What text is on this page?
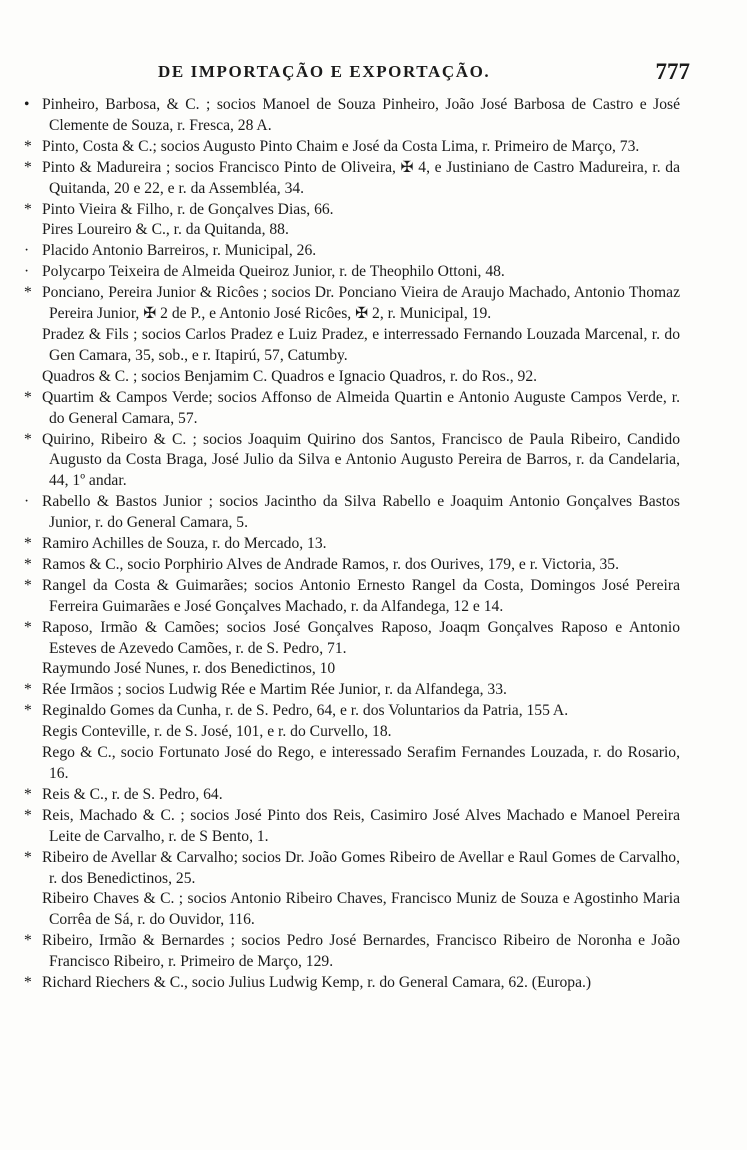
DE IMPORTAÇÃO E EXPORTAÇÃO.	777
• Pinheiro, Barbosa, & C. ; socios Manoel de Souza Pinheiro, João José Barbosa de Castro e José Clemente de Souza, r. Fresca, 28 A.
* Pinto, Costa & C.; socios Augusto Pinto Chaim e José da Costa Lima, r. Primeiro de Março, 73.
* Pinto & Madureira ; socios Francisco Pinto de Oliveira, ✠ 4, e Justiniano de Castro Madureira, r. da Quitanda, 20 e 22, e r. da Assembléa, 34.
* Pinto Vieira & Filho, r. de Gonçalves Dias, 66.
Pires Loureiro & C., r. da Quitanda, 88.
· Placido Antonio Barreiros, r. Municipal, 26.
· Polycarpo Teixeira de Almeida Queiroz Junior, r. de Theophilo Ottoni, 48.
* Ponciano, Pereira Junior & Ricôes ; socios Dr. Ponciano Vieira de Araujo Machado, Antonio Thomaz Pereira Junior, ✠ 2 de P., e Antonio José Ricôes, ✠ 2, r. Municipal, 19.
Pradez & Fils ; socios Carlos Pradez e Luiz Pradez, e interressado Fernando Louzada Marcenal, r. do Gen Camara, 35, sob., e r. Itapirú, 57, Catumby.
Quadros & C. ; socios Benjamim C. Quadros e Ignacio Quadros, r. do Ros., 92.
* Quartim & Campos Verde; socios Affonso de Almeida Quartin e Antonio Auguste Campos Verde, r. do General Camara, 57.
* Quirino, Ribeiro & C. ; socios Joaquim Quirino dos Santos, Francisco de Paula Ribeiro, Candido Augusto da Costa Braga, José Julio da Silva e Antonio Augusto Pereira de Barros, r. da Candelaria, 44, 1º andar.
· Rabello & Bastos Junior ; socios Jacintho da Silva Rabello e Joaquim Antonio Gonçalves Bastos Junior, r. do General Camara, 5.
* Ramiro Achilles de Souza, r. do Mercado, 13.
* Ramos & C., socio Porphirio Alves de Andrade Ramos, r. dos Ourives, 179, e r. Victoria, 35.
* Rangel da Costa & Guimarães; socios Antonio Ernesto Rangel da Costa, Domingos José Pereira Ferreira Guimarães e José Gonçalves Machado, r. da Alfandega, 12 e 14.
* Raposo, Irmão & Camões; socios José Gonçalves Raposo, Joaqm Gonçalves Raposo e Antonio Esteves de Azevedo Camões, r. de S. Pedro, 71.
Raymundo José Nunes, r. dos Benedictinos, 10
* Rée Irmãos ; socios Ludwig Rée e Martim Rée Junior, r. da Alfandega, 33.
* Reginaldo Gomes da Cunha, r. de S. Pedro, 64, e r. dos Voluntarios da Patria, 155 A.
Regis Conteville, r. de S. José, 101, e r. do Curvello, 18.
Rego & C., socio Fortunato José do Rego, e interessado Serafim Fernandes Louzada, r. do Rosario, 16.
* Reis & C., r. de S. Pedro, 64.
* Reis, Machado & C. ; socios José Pinto dos Reis, Casimiro José Alves Machado e Manoel Pereira Leite de Carvalho, r. de S Bento, 1.
* Ribeiro de Avellar & Carvalho; socios Dr. João Gomes Ribeiro de Avellar e Raul Gomes de Carvalho, r. dos Benedictinos, 25.
Ribeiro Chaves & C. ; socios Antonio Ribeiro Chaves, Francisco Muniz de Souza e Agostinho Maria Corrêa de Sá, r. do Ouvidor, 116.
* Ribeiro, Irmão & Bernardes ; socios Pedro José Bernardes, Francisco Ribeiro de Noronha e João Francisco Ribeiro, r. Primeiro de Março, 129.
* Richard Riechers & C., socio Julius Ludwig Kemp, r. do General Camara, 62. (Europa.)
